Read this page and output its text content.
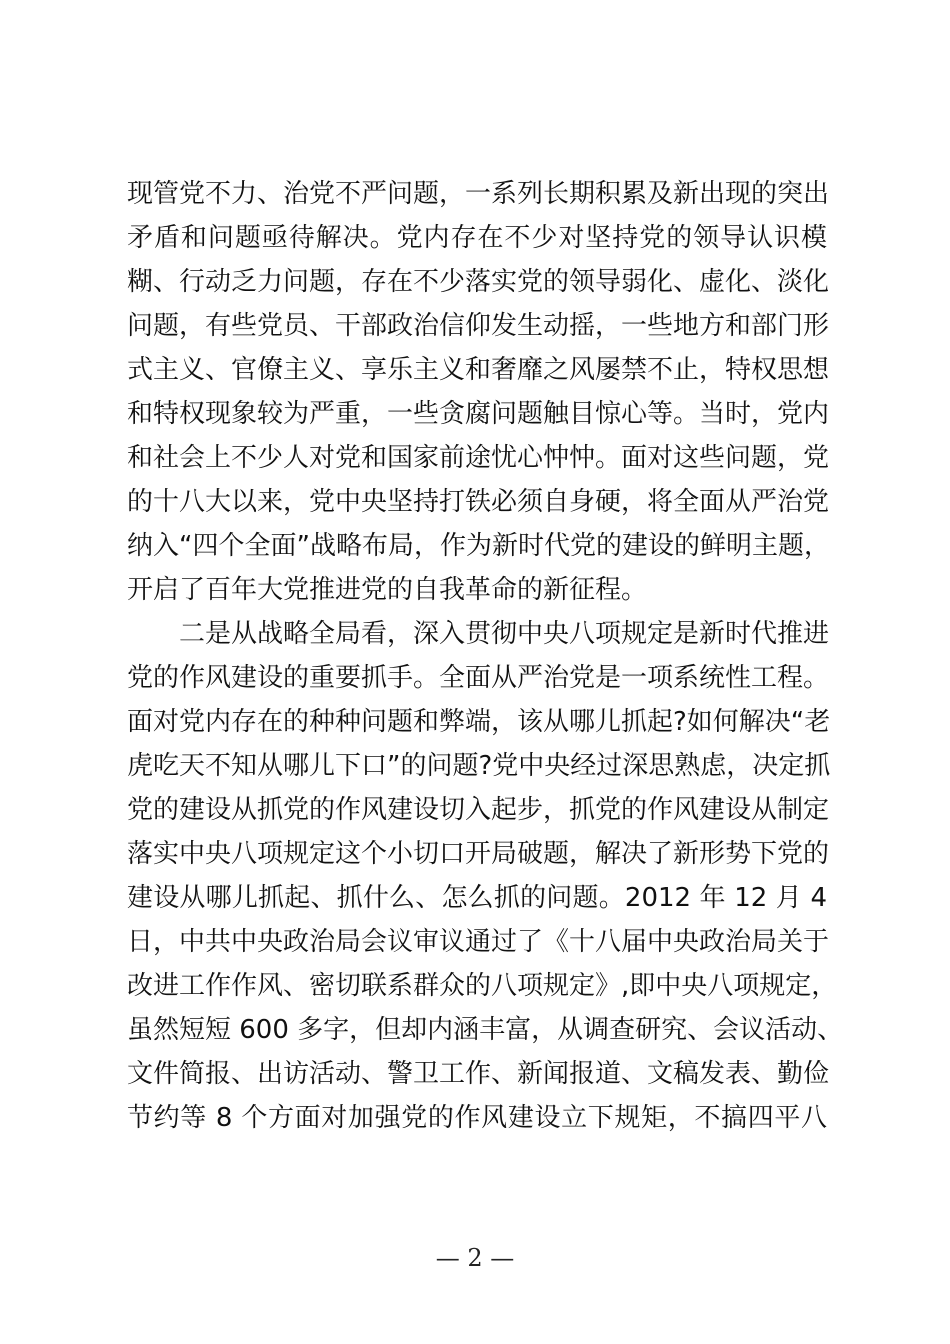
现管党不力、治党不严问题，一系列长期积累及新出现的突出
矛盾和问题亟待解决。党内存在不少对坚持党的领导认识模
糊、行动乏力问题，存在不少落实党的领导弱化、虚化、淡化
问题，有些党员、干部政治信仰发生动摇，一些地方和部门形
式主义、官僚主义、享乐主义和奢靡之风屡禁不止，特权思想
和特权现象较为严重，一些贪腐问题触目惊心等。当时，党内
和社会上不少人对党和国家前途忧心忡忡。面对这些问题，党
的十八大以来，党中央坚持打铁必须自身硬，将全面从严治党
纳入“四个全面”战略布局，作为新时代党的建设的鲜明主题，
开启了百年大党推进党的自我革命的新征程。
二是从战略全局看，深入贯彻中央八项规定是新时代推进
党的作风建设的重要抓手。全面从严治党是一项系统性工程。
面对党内存在的种种问题和弊端，该从哪儿抓起?如何解决“老
虎吃天不知从哪儿下口”的问题?党中央经过深思熟虑，决定抓
党的建设从抓党的作风建设切入起步，抓党的作风建设从制定
落实中央八项规定这个小切口开局破题，解决了新形势下党的
建设从哪儿抓起、抓什么、怎么抓的问题。2012 年 12 月 4
日，中共中央政治局会议审议通过了《十八届中央政治局关于
改进工作作风、密切联系群众的八项规定》,即中央八项规定，
虽然短短 600 多字，但却内涵丰富，从调查研究、会议活动、
文件简报、出访活动、警卫工作、新闻报道、文稿发表、勤俭
节约等 8 个方面对加强党的作风建设立下规矩，不搞四平八
— 2 —
